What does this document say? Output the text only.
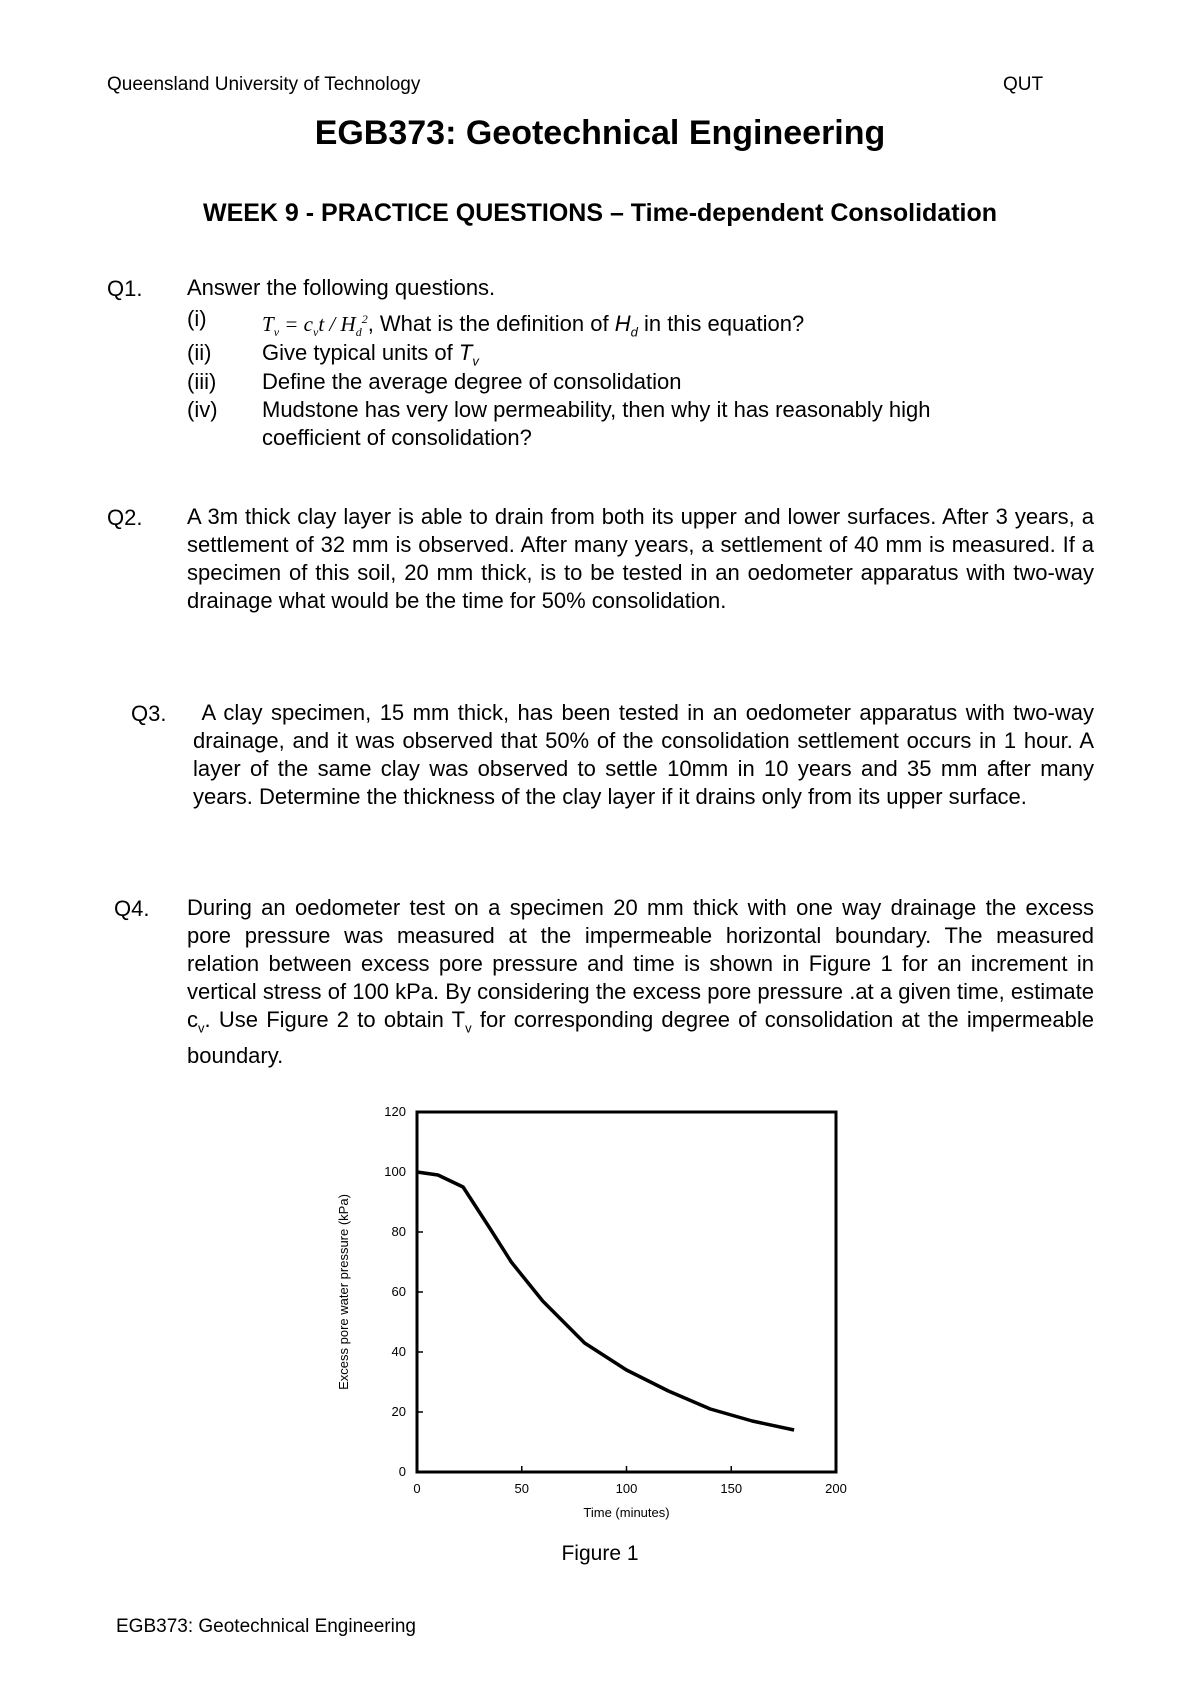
Queensland University of Technology	QUT
EGB373: Geotechnical Engineering
WEEK 9 - PRACTICE QUESTIONS – Time-dependent Consolidation
Q1. Answer the following questions.
(i)	$T_v = c_vt / H_d^2$, What is the definition of $H_d$ in this equation?
(ii) Give typical units of $T_v$
(iii) Define the average degree of consolidation
(iv) Mudstone has very low permeability, then why it has reasonably high
coefficient of consolidation?
Q2. A 3m thick clay layer is able to drain from both its upper and lower surfaces. After 3 years, a settlement of 32 mm is observed. After many years, a settlement of 40 mm is measured. If a specimen of this soil, 20 mm thick, is to be tested in an oedometer apparatus with two-way drainage what would be the time for 50% consolidation.
Q3.	A clay specimen, 15 mm thick, has been tested in an oedometer apparatus with two-way drainage, and it was observed that 50% of the consolidation settlement occurs in 1 hour. A layer of the same clay was observed to settle 10mm in 10 years and 35 mm after many years. Determine the thickness of the clay layer if it drains only from its upper surface.
Q4. During an oedometer test on a specimen 20 mm thick with one way drainage the excess pore pressure was measured at the impermeable horizontal boundary. The measured relation between excess pore pressure and time is shown in Figure 1 for an increment in vertical stress of 100 kPa. By considering the excess pore pressure .at a given time, estimate $c_v$. Use Figure 2 to obtain $T_v$ for corresponding degree of consolidation at the impermeable boundary.
0	50	100	150	200
0
20
40
60
80
100
120
Time (minutes)
Excess pore water pressure (kPa)
Figure 1
EGB373: Geotechnical Engineering
